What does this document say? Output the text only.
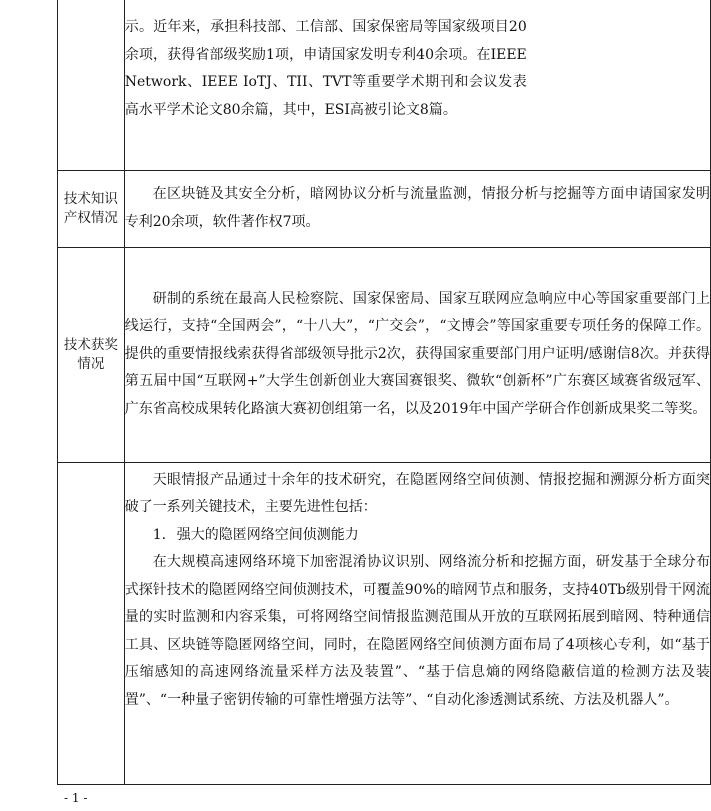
	示。近年来，承担科技部、工信部、国家保密局等国家级项目20余项，获得省部级奖励1项，申请国家发明专利40余项。在IEEE Network、IEEE IoTJ、TII、TVT等重要学术期刊和会议发表高水平学术论文80余篇，其中，ESI高被引论文8篇。

技术知识产权情况	在区块链及其安全分析，暗网协议分析与流量监测，情报分析与挖掘等方面申请国家发明专利20余项，软件著作权7项。

技术获奖情况	研制的系统在最高人民检察院、国家保密局、国家互联网应急响应中心等国家重要部门上线运行，支持“全国两会”，“十八大”，“广交会”，“文博会”等国家重要专项任务的保障工作。提供的重要情报线索获得省部级领导批示2次，获得国家重要部门用户证明/感谢信8次。并获得第五届中国“互联网+”大学生创新创业大赛国赛银奖、微软“创新杯”广东赛区域赛省级冠军、广东省高校成果转化路演大赛初创组第一名，以及2019年中国产学研合作创新成果奖二等奖。

	天眼情报产品通过十余年的技术研究，在隐匿网络空间侦测、情报挖掘和溯源分析方面突破了一系列关键技术，主要先进性包括：

1. 强大的隐匿网络空间侦测能力

在大规模高速网络环境下加密混淆协议识别、网络流分析和挖掘方面，研发基于全球分布式探针技术的隐匿网络空间侦测技术，可覆盖90%的暗网节点和服务，支持40Tb级别骨干网流量的实时监测和内容采集，可将网络空间情报监测范围从开放的互联网拓展到暗网、特种通信工具、区块链等隐匿网络空间，同时，在隐匿网络空间侦测方面布局了4项核心专利，如“基于压缩感知的高速网络流量采样方法及装置”、“基于信息熵的网络隐蔽信道的检测方法及装置”、“一种量子密钥传输的可靠性增强方法等”、“自动化渗透测试系统、方法及机器人”。

- 1 -
